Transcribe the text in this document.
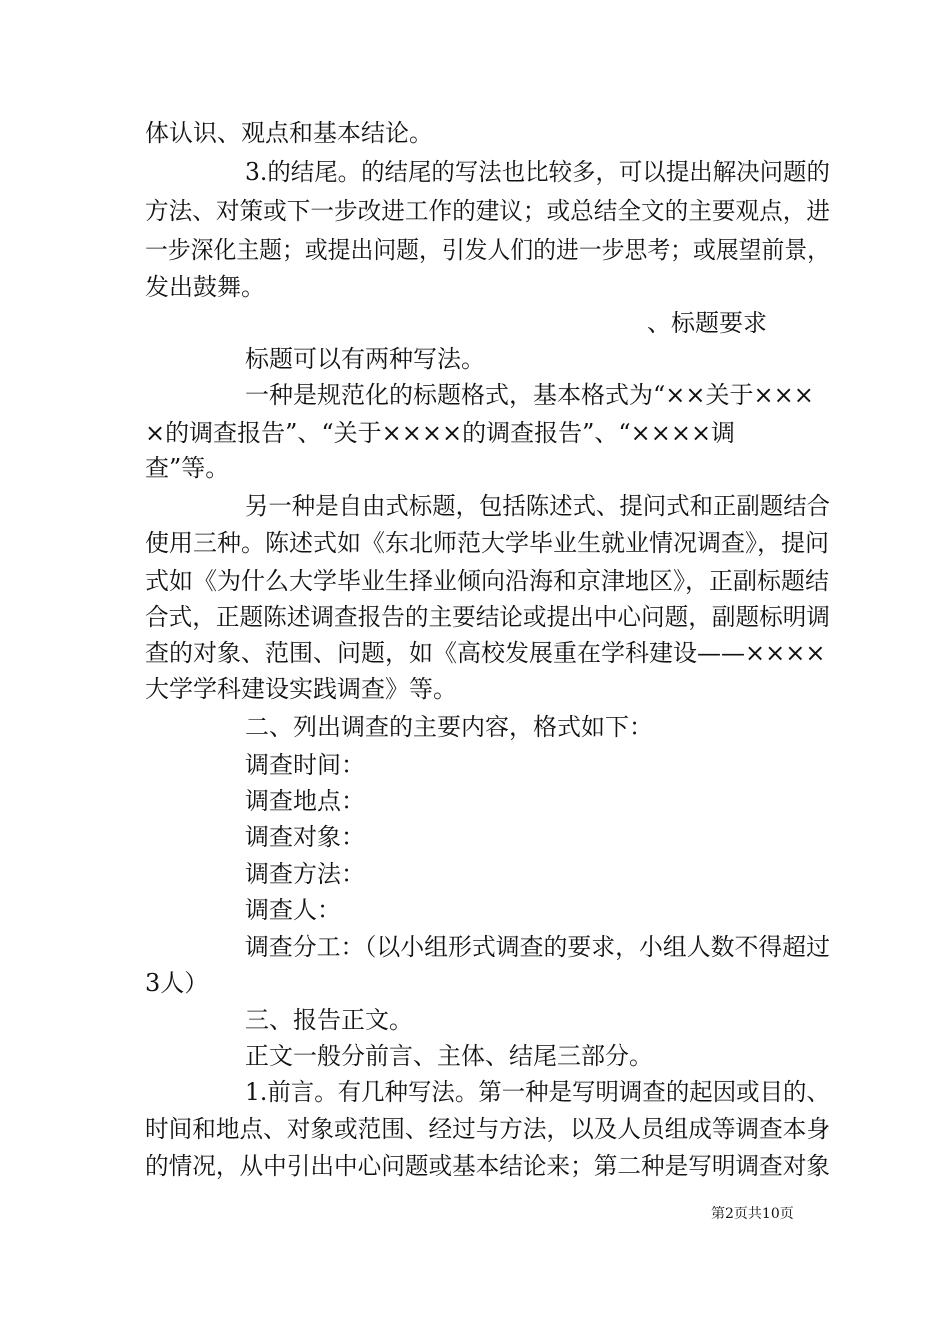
体认识、观点和基本结论。
3.的结尾。的结尾的写法也比较多，可以提出解决问题的
方法、对策或下一步改进工作的建议；或总结全文的主要观点，进
一步深化主题；或提出问题，引发人们的进一步思考；或展望前景，
发出鼓舞。
、标题要求
标题可以有两种写法。
一种是规范化的标题格式，基本格式为“××关于×××
×的调查报告”、“关于××××的调查报告”、“××××调
查”等。
另一种是自由式标题，包括陈述式、提问式和正副题结合
使用三种。陈述式如《东北师范大学毕业生就业情况调查》，提问
式如《为什么大学毕业生择业倾向沿海和京津地区》，正副标题结
合式，正题陈述调查报告的主要结论或提出中心问题，副题标明调
查的对象、范围、问题，如《高校发展重在学科建设——××××
大学学科建设实践调查》等。
二、列出调查的主要内容，格式如下：
调查时间：
调查地点：
调查对象：
调查方法：
调查人：
调查分工：（以小组形式调查的要求，小组人数不得超过
3人）
三、报告正文。
正文一般分前言、主体、结尾三部分。
1.前言。有几种写法。第一种是写明调查的起因或目的、
时间和地点、对象或范围、经过与方法，以及人员组成等调查本身
的情况，从中引出中心问题或基本结论来；第二种是写明调查对象
第2页共10页
